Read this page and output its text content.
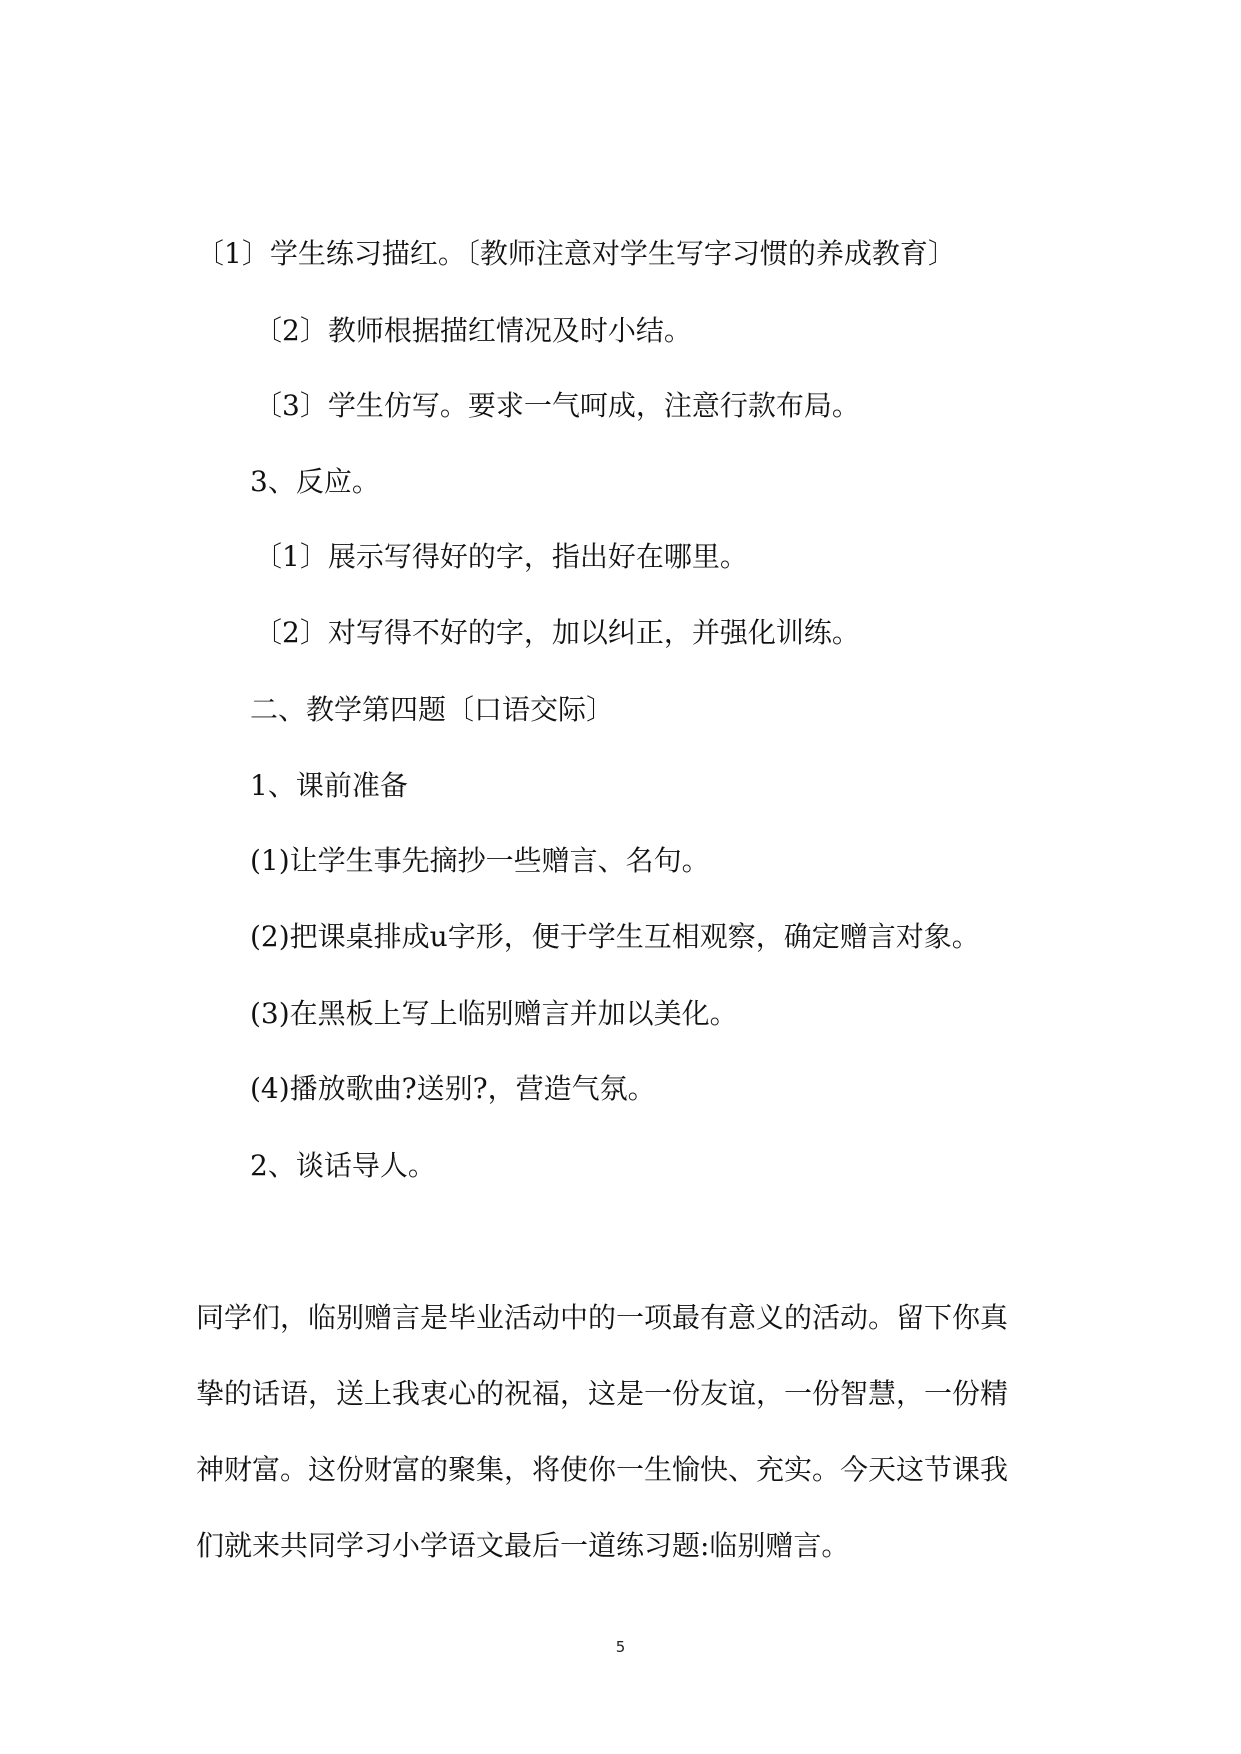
〔1〕学生练习描红。〔教师注意对学生写字习惯的养成教育〕
〔2〕教师根据描红情况及时小结。
〔3〕学生仿写。要求一气呵成，注意行款布局。
3、反应。
〔1〕展示写得好的字，指出好在哪里。
〔2〕对写得不好的字，加以纠正，并强化训练。
二、教学第四题〔口语交际〕
1、课前准备
(1)让学生事先摘抄一些赠言、名句。
(2)把课桌排成u字形，便于学生互相观察，确定赠言对象。
(3)在黑板上写上临别赠言并加以美化。
(4)播放歌曲?送别?，营造气氛。
2、谈话导人。
同学们，临别赠言是毕业活动中的一项最有意义的活动。留下你真
挚的话语，送上我衷心的祝福，这是一份友谊，一份智慧，一份精
神财富。这份财富的聚集，将使你一生愉快、充实。今天这节课我
们就来共同学习小学语文最后一道练习题:临别赠言。
5
